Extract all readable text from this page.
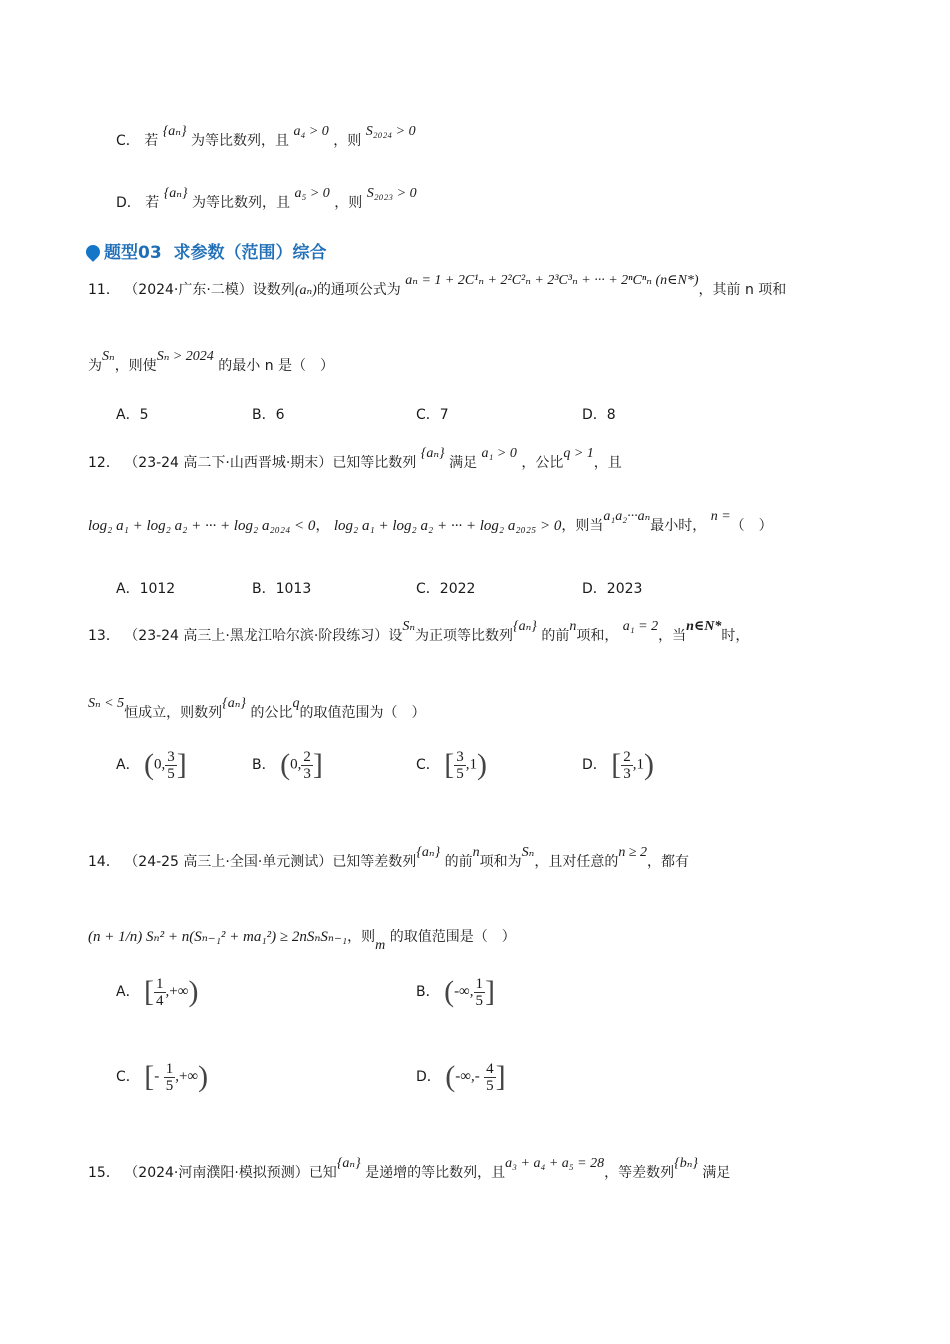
C． 若 {aₙ} 为等比数列，且 a₄ > 0 ，则 S₂₀₂₄ > 0
D． 若 {aₙ} 为等比数列，且 a₅ > 0 ，则 S₂₀₂₃ > 0
题型03 求参数（范围）综合
11． （2024·广东·二模）设数列(aₙ)的通项公式为 aₙ = 1 + 2C¹ₙ + 2²C²ₙ + 2³C³ₙ + ··· + 2ⁿCⁿₙ (n∈N*)，其前 n 项和
为Sₙ，则使Sₙ > 2024 的最小 n 是（　）
A．5	B．6	C．7	D．8
12． （23-24 高二下·山西晋城·期末）已知等比数列 {aₙ} 满足 a₁ > 0 ，公比q > 1，且
log₂ a₁ + log₂ a₂ + ··· + log₂ a₂₀₂₄ < 0， log₂ a₁ + log₂ a₂ + ··· + log₂ a₂₀₂₅ > 0，则当a₁a₂···aₙ最小时， n =（　）
A．1012	B．1013	C．2022	D．2023
13． （23-24 高三上·黑龙江哈尔滨·阶段练习）设Sₙ为正项等比数列{aₙ} 的前n项和， a₁ = 2，当n∈N*时，
Sₙ < 5恒成立，则数列{aₙ} 的公比q的取值范围为（　）
A． (0, $\frac{3}{5}$ ]	B． (0, $\frac{2}{3}$ ]	C． [ $\frac{3}{5} ,1$)	D． [ $\frac{2}{3} ,1$)
14． （24-25 高三上·全国·单元测试）已知等差数列{aₙ} 的前n项和为Sₙ，且对任意的n ≥ 2，都有
(n + 1/n) Sₙ² + n(Sₙ₋₁² + ma₁²) ≥ 2nSₙSₙ₋₁，则m 的取值范围是（　）
A． [ $\frac{1}{4}$ ,+∞)	B． (-∞, $\frac{1}{5}$ ]
C． [- $\frac{1}{5}$ ,+∞)	D． (-∞,- $\frac{4}{5}$ ]
15． （2024·河南濮阳·模拟预测）已知{aₙ} 是递增的等比数列，且a₃ + a₄ + a₅ = 28，等差数列{bₙ} 满足
